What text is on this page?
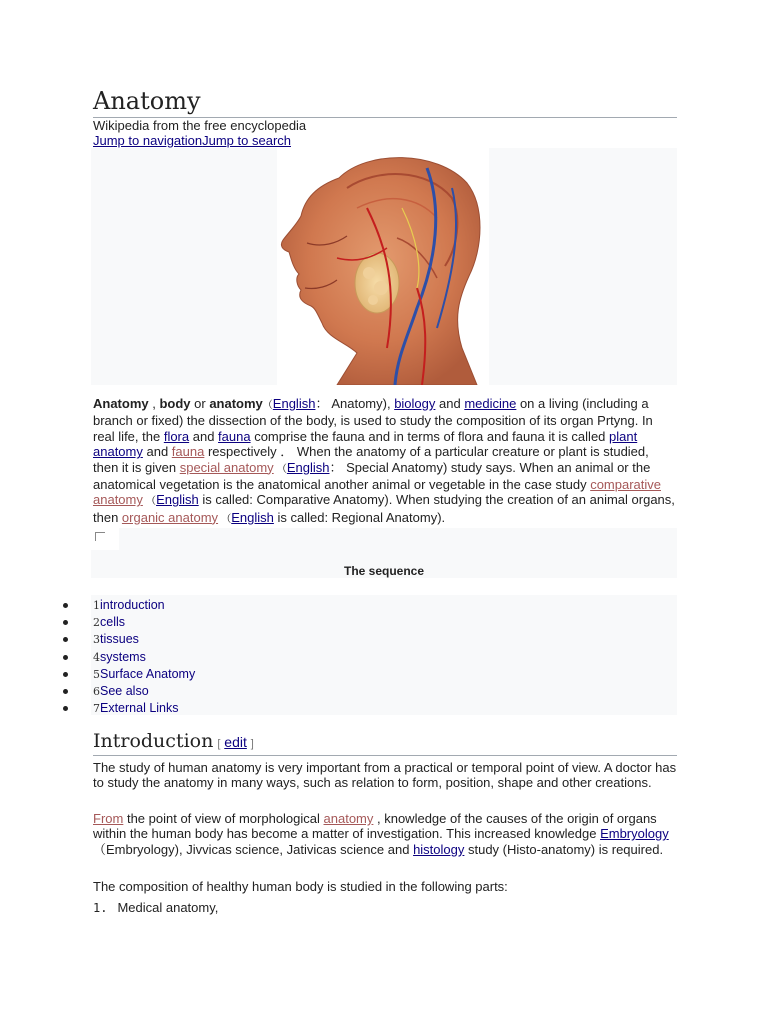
Anatomy
Wikipedia from the free encyclopedia
Jump to navigationJump to search

Anatomy , body or anatomy（English： Anatomy), biology and medicine on a living (including a branch or fixed) the dissection of the body, is used to study the composition of its organ Prtyng. In real life, the flora and fauna comprise the fauna and in terms of flora and fauna it is called plant anatomy and fauna respectively ． When the anatomy of a particular creature or plant is studied, then it is given special anatomy （English： Special Anatomy) study says. When an animal or the anatomical vegetation is the anatomical another animal or vegetable in the case study comparative anatomy （English is called: Comparative Anatomy). When studying the creation of an animal organs, then organic anatomy （English is called: Regional Anatomy).

The sequence
1introduction
2cells
3tissues
4systems
5Surface Anatomy
6See also
7External Links
Introduction [ edit ]

The study of human anatomy is very important from a practical or temporal point of view. A doctor has to study the anatomy in many ways, such as relation to form, position, shape and other creations.

From the point of view of morphological anatomy , knowledge of the causes of the origin of organs within the human body has become a matter of investigation. This increased knowledge Embryology（Embryology), Jivvicas science, Jativicas science and histology study (Histo-anatomy) is required.

The composition of healthy human body is studied in the following parts:

1. Medical anatomy,
